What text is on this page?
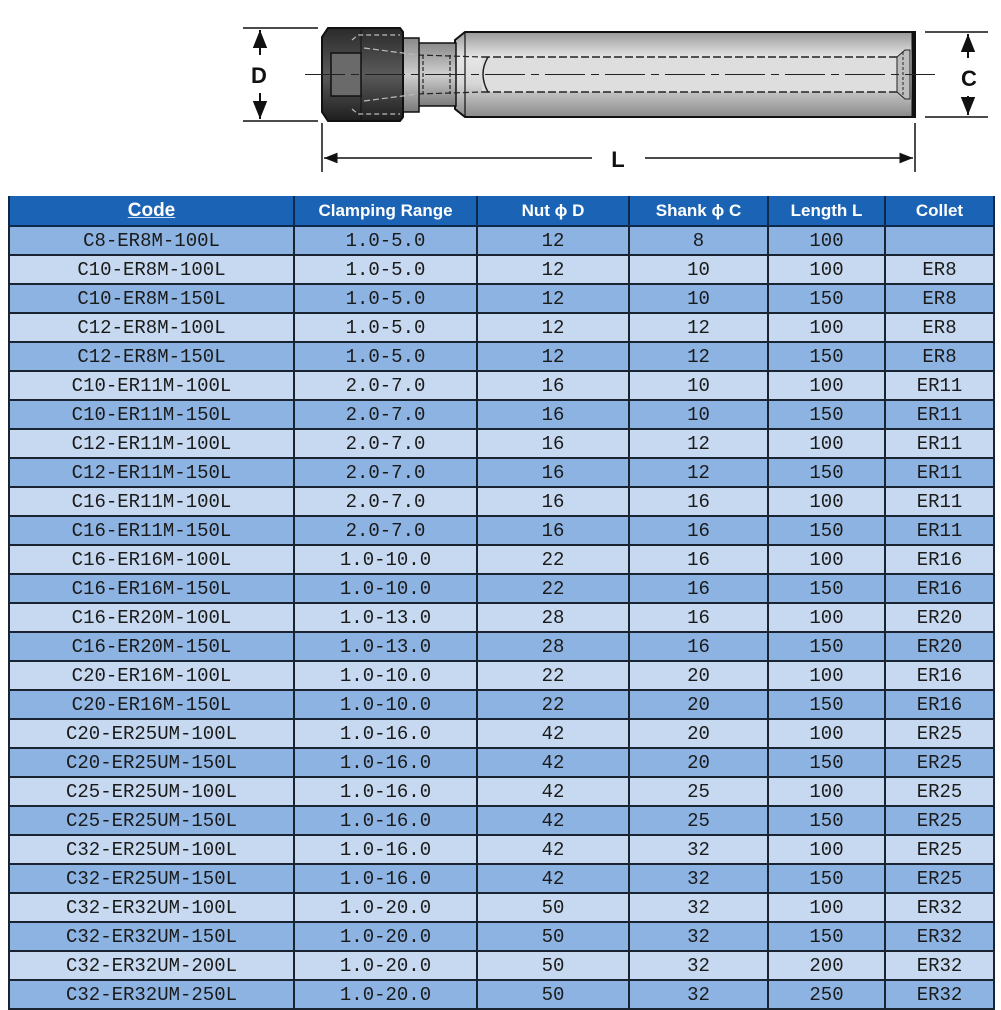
D	C
L
Code	Clamping Range	Nut ϕ D	Shank ϕ C	Length L	Collet
C8-ER8M-100L	1.0-5.0	12	8	100	
C10-ER8M-100L	1.0-5.0	12	10	100	ER8
C10-ER8M-150L	1.0-5.0	12	10	150	ER8
C12-ER8M-100L	1.0-5.0	12	12	100	ER8
C12-ER8M-150L	1.0-5.0	12	12	150	ER8
C10-ER11M-100L	2.0-7.0	16	10	100	ER11
C10-ER11M-150L	2.0-7.0	16	10	150	ER11
C12-ER11M-100L	2.0-7.0	16	12	100	ER11
C12-ER11M-150L	2.0-7.0	16	12	150	ER11
C16-ER11M-100L	2.0-7.0	16	16	100	ER11
C16-ER11M-150L	2.0-7.0	16	16	150	ER11
C16-ER16M-100L	1.0-10.0	22	16	100	ER16
C16-ER16M-150L	1.0-10.0	22	16	150	ER16
C16-ER20M-100L	1.0-13.0	28	16	100	ER20
C16-ER20M-150L	1.0-13.0	28	16	150	ER20
C20-ER16M-100L	1.0-10.0	22	20	100	ER16
C20-ER16M-150L	1.0-10.0	22	20	150	ER16
C20-ER25UM-100L	1.0-16.0	42	20	100	ER25
C20-ER25UM-150L	1.0-16.0	42	20	150	ER25
C25-ER25UM-100L	1.0-16.0	42	25	100	ER25
C25-ER25UM-150L	1.0-16.0	42	25	150	ER25
C32-ER25UM-100L	1.0-16.0	42	32	100	ER25
C32-ER25UM-150L	1.0-16.0	42	32	150	ER25
C32-ER32UM-100L	1.0-20.0	50	32	100	ER32
C32-ER32UM-150L	1.0-20.0	50	32	150	ER32
C32-ER32UM-200L	1.0-20.0	50	32	200	ER32
C32-ER32UM-250L	1.0-20.0	50	32	250	ER32
